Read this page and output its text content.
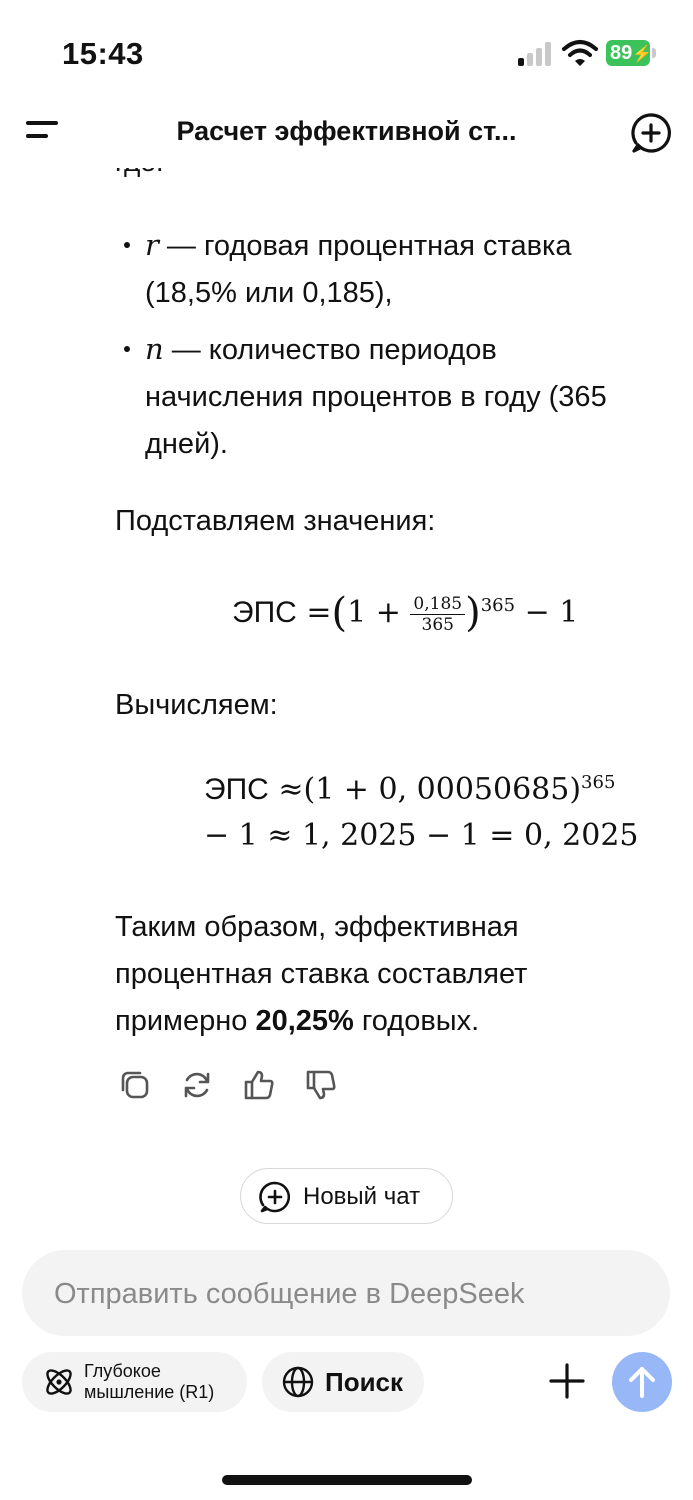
15:43	89⚡
Расчет эффективной ст...
r — годовая процентная ставка
(18,5% или 0,185),
n — количество периодов
начисления процентов в году (365
дней).
Подставляем значения:
ЭПС $=(1 + \frac{0,185}{365} )^{365} - 1$
Вычисляем:
ЭПС ≈(1 + 0, 00050685)$^{365}$
− 1 ≈ 1, 2025 − 1 = 0, 2025
Таким образом, эффективная
процентная ставка составляет
примерно 20,25% годовых.
Новый чат
Отправить сообщение в DeepSeek
Глубокое
мышление (R1)	Поиск
